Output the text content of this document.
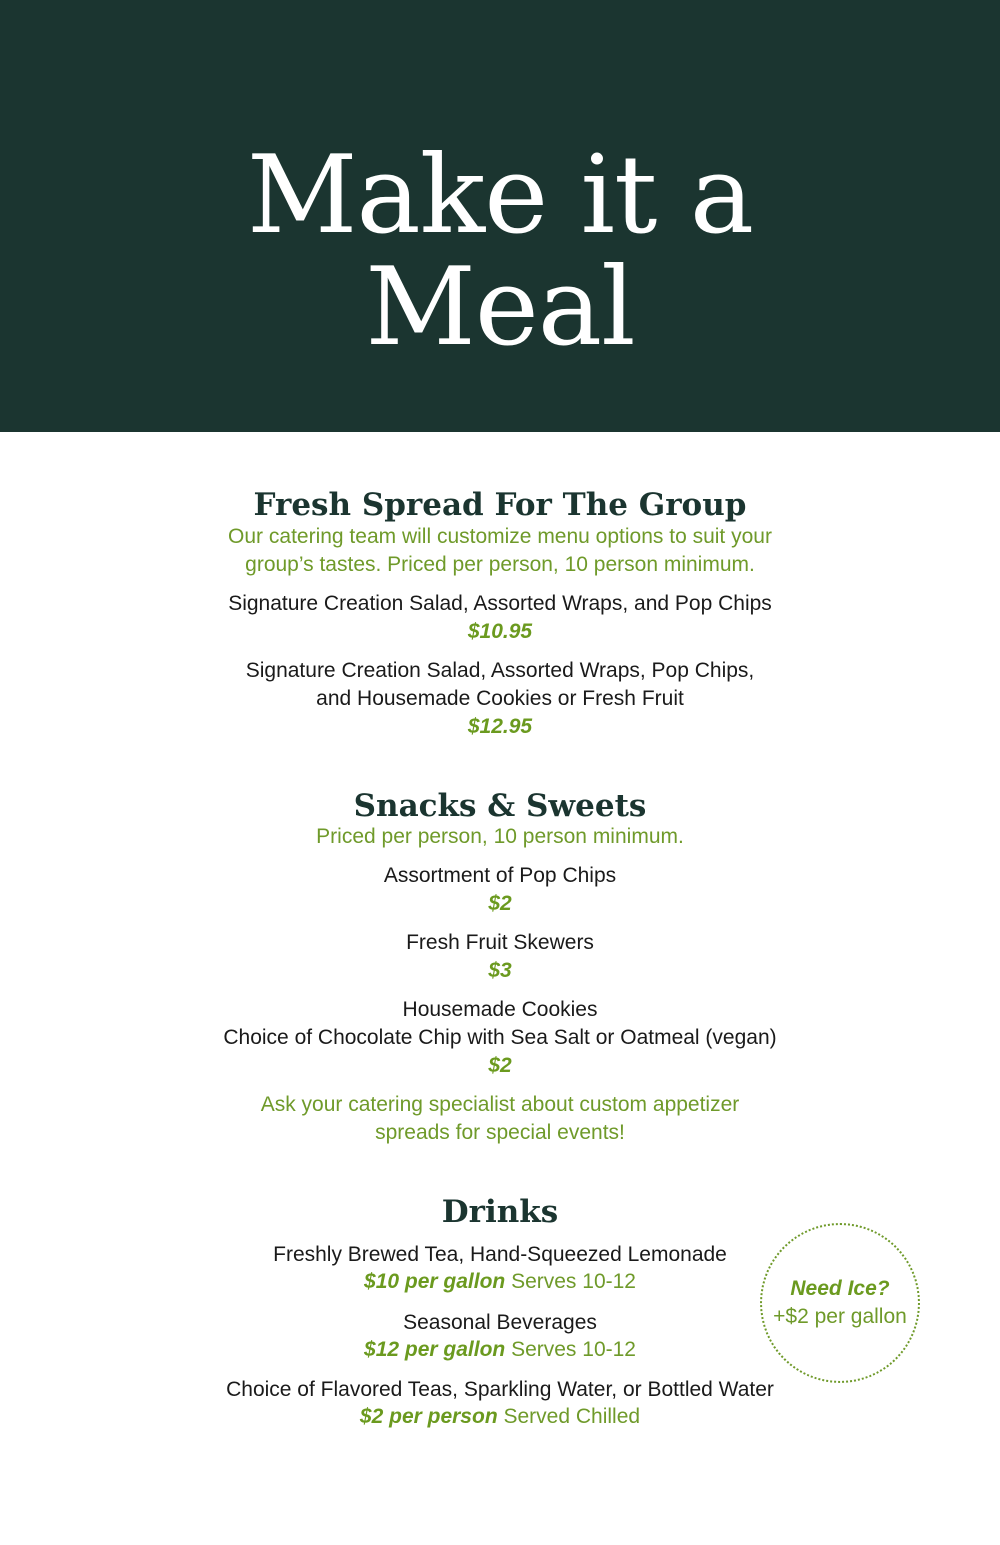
Make it a
Meal
Fresh Spread For The Group
Our catering team will customize menu options to suit your
group’s tastes. Priced per person, 10 person minimum.
Signature Creation Salad, Assorted Wraps, and Pop Chips
$10.95
Signature Creation Salad, Assorted Wraps, Pop Chips,
and Housemade Cookies or Fresh Fruit
$12.95
Snacks & Sweets
Priced per person, 10 person minimum.
Assortment of Pop Chips
$2
Fresh Fruit Skewers
$3
Housemade Cookies
Choice of Chocolate Chip with Sea Salt or Oatmeal (vegan)
$2
Ask your catering specialist about custom appetizer
spreads for special events!
Drinks
Freshly Brewed Tea, Hand-Squeezed Lemonade
$10 per gallon Serves 10-12
Seasonal Beverages
$12 per gallon Serves 10-12
Choice of Flavored Teas, Sparkling Water, or Bottled Water
$2 per person Served Chilled
Need Ice?
+$2 per gallon
